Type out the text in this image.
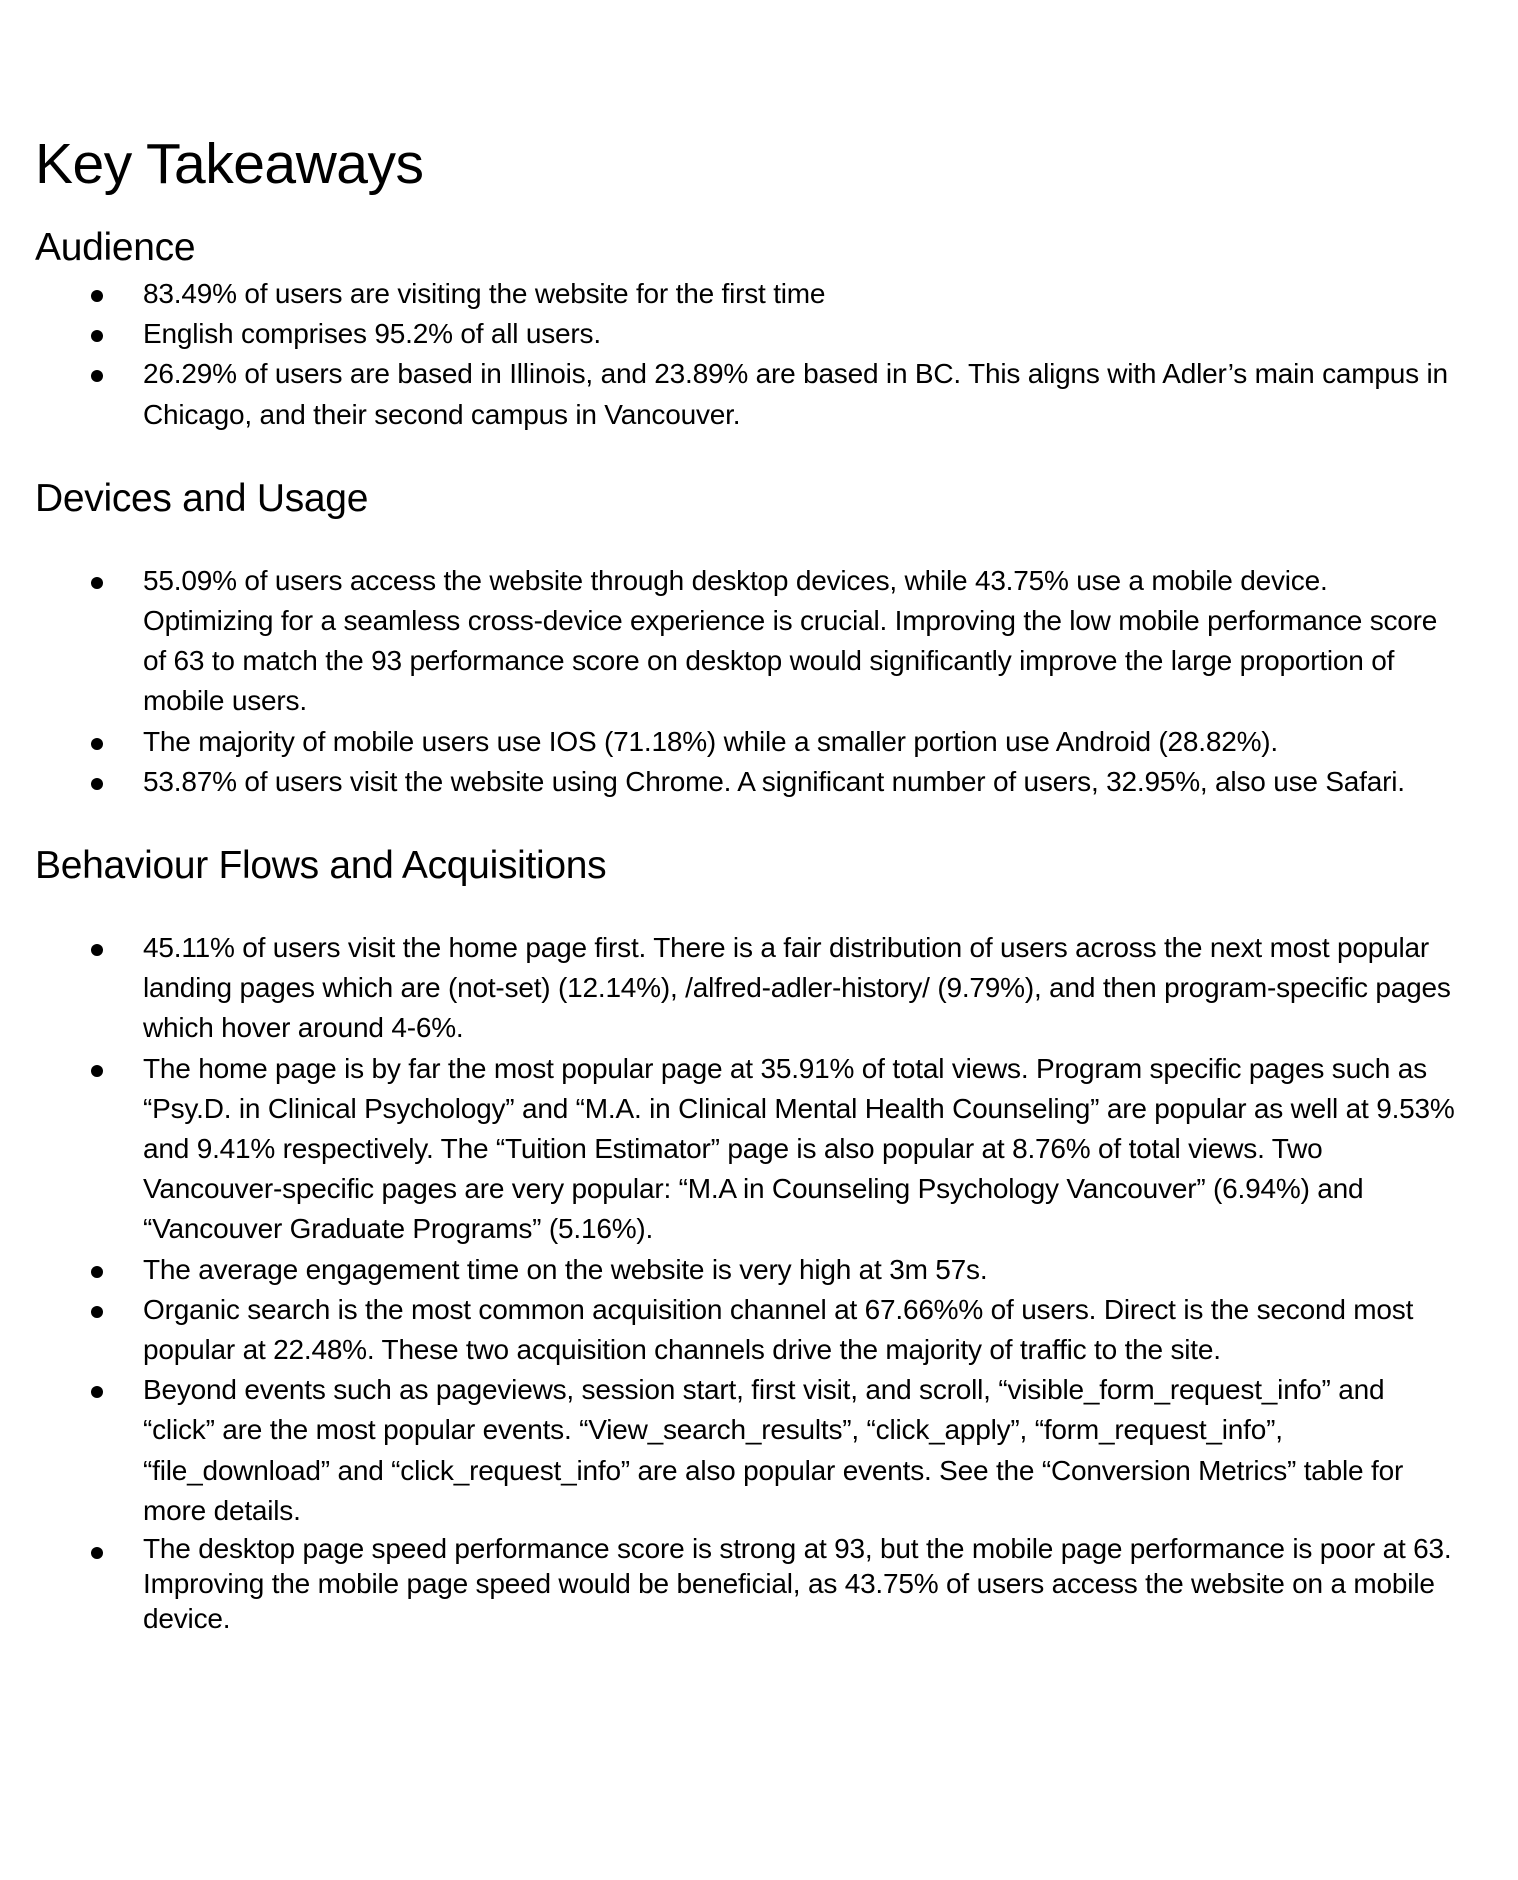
Key Takeaways
Audience
83.49% of users are visiting the website for the first time
English comprises 95.2% of all users.
26.29% of users are based in Illinois, and 23.89% are based in BC. This aligns with Adler’s main campus in Chicago, and their second campus in Vancouver.
Devices and Usage
55.09% of users access the website through desktop devices, while 43.75% use a mobile device. Optimizing for a seamless cross-device experience is crucial. Improving the low mobile performance score of 63 to match the 93 performance score on desktop would significantly improve the large proportion of mobile users.
The majority of mobile users use IOS (71.18%) while a smaller portion use Android (28.82%).
53.87% of users visit the website using Chrome. A significant number of users, 32.95%, also use Safari.
Behaviour Flows and Acquisitions
45.11% of users visit the home page first. There is a fair distribution of users across the next most popular landing pages which are (not-set) (12.14%), /alfred-adler-history/ (9.79%), and then program-specific pages which hover around 4-6%.
The home page is by far the most popular page at 35.91% of total views. Program specific pages such as “Psy.D. in Clinical Psychology” and “M.A. in Clinical Mental Health Counseling” are popular as well at 9.53% and 9.41% respectively. The “Tuition Estimator” page is also popular at 8.76% of total views. Two Vancouver-specific pages are very popular: “M.A in Counseling Psychology Vancouver” (6.94%) and “Vancouver Graduate Programs” (5.16%).
The average engagement time on the website is very high at 3m 57s.
Organic search is the most common acquisition channel at 67.66%% of users. Direct is the second most popular at 22.48%. These two acquisition channels drive the majority of traffic to the site.
Beyond events such as pageviews, session start, first visit, and scroll, “visible_form_request_info” and “click” are the most popular events. “View_search_results”, “click_apply”, “form_request_info”, “file_download” and “click_request_info” are also popular events. See the “Conversion Metrics” table for more details.
The desktop page speed performance score is strong at 93, but the mobile page performance is poor at 63. Improving the mobile page speed would be beneficial, as 43.75% of users access the website on a mobile device.
